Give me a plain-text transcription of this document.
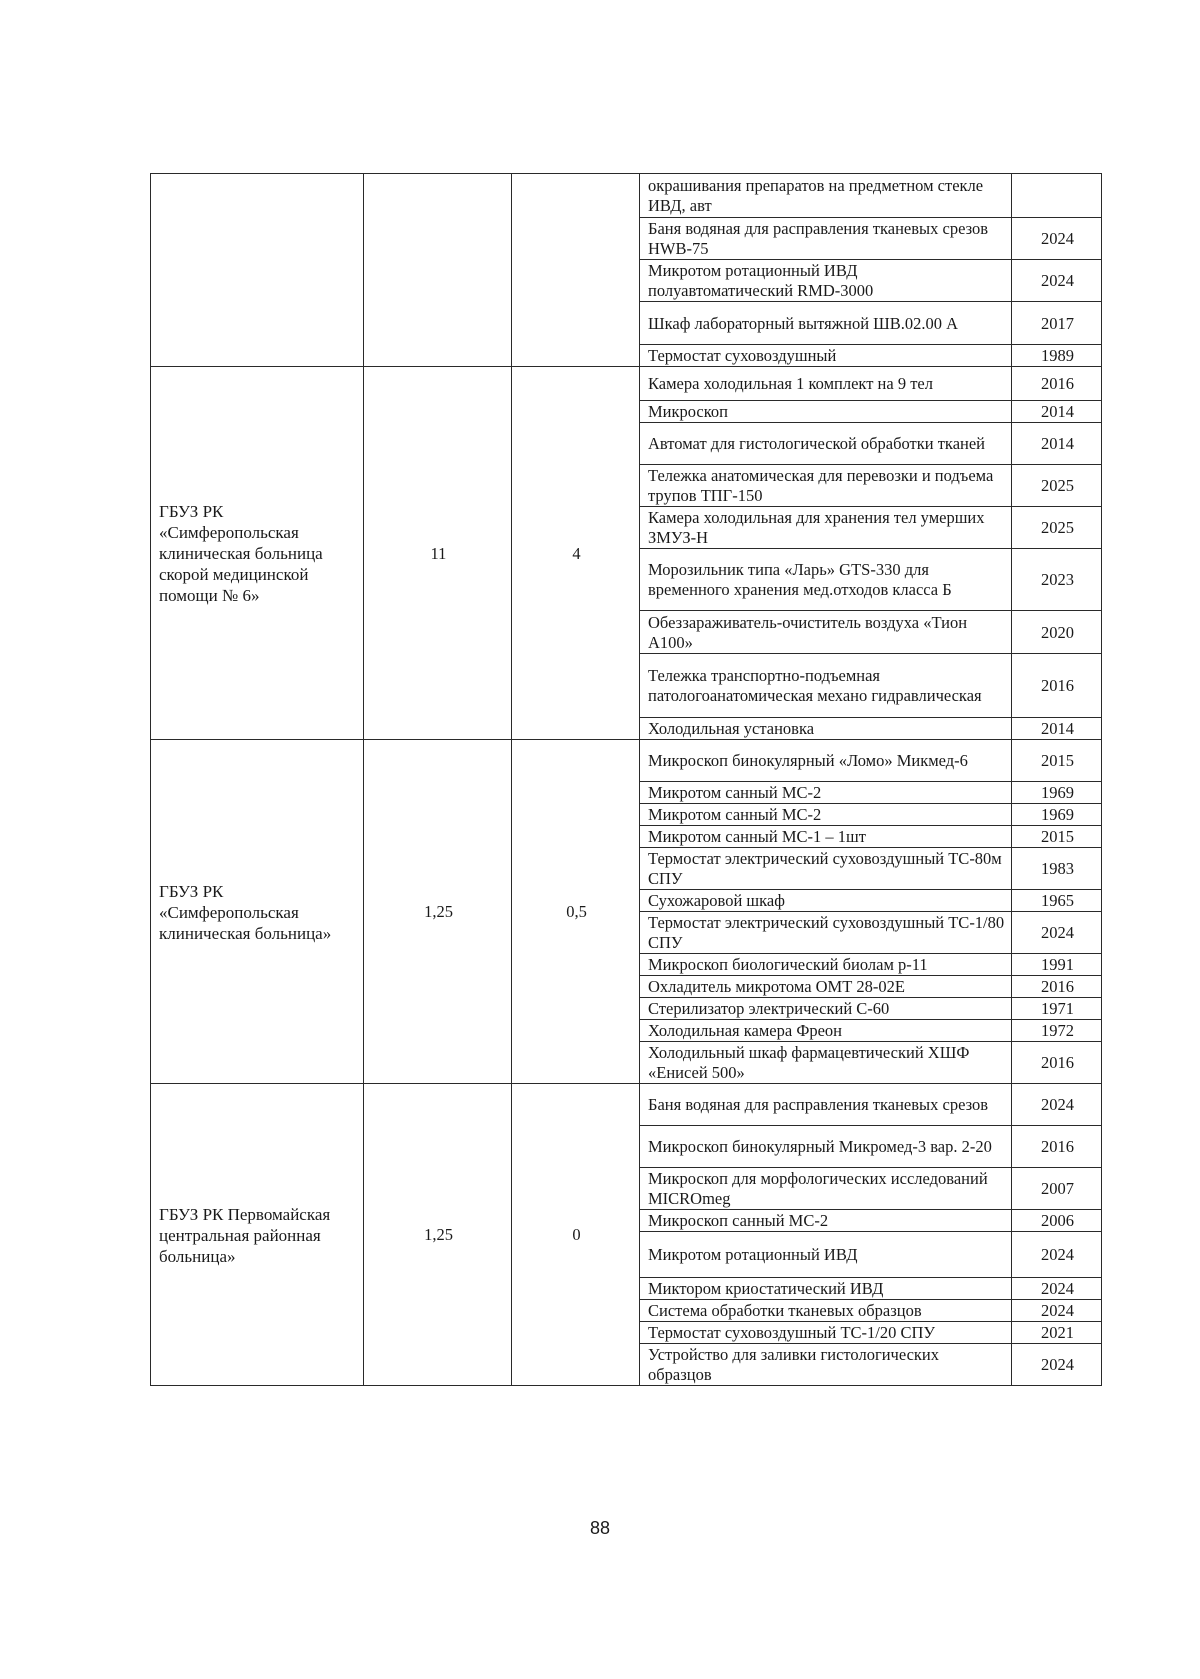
			окрашивания препаратов на предметном стекле ИВД, авт	
			Баня водяная для расправления тканевых срезов HWB-75	2024
			Микротом ротационный ИВД полуавтоматический RMD-3000	2024
			Шкаф лабораторный вытяжной ШВ.02.00 А	2017
			Термостат суховоздушный	1989
ГБУЗ РК «Симферопольская клиническая больница скорой медицинской помощи № 6»	11	4	Камера холодильная 1 комплект на 9 тел	2016
			Микроскоп	2014
			Автомат для гистологической обработки тканей	2014
			Тележка анатомическая для перевозки и подъема трупов ТПГ-150	2025
			Камера холодильная для хранения тел умерших ЗМУЗ-Н	2025
			Морозильник типа «Ларь» GTS-330 для временного хранения мед.отходов класса Б	2023
			Обеззараживатель-очиститель воздуха «Тион А100»	2020
			Тележка транспортно-подъемная патологоанатомическая механо гидравлическая	2016
			Холодильная установка	2014
ГБУЗ РК «Симферопольская клиническая больница»	1,25	0,5	Микроскоп бинокулярный «Ломо» Микмед-6	2015
			Микротом санный МС-2	1969
			Микротом санный МС-2	1969
			Микротом санный МС-1 – 1шт	2015
			Термостат электрический суховоздушный ТС-80м СПУ	1983
			Сухожаровой шкаф	1965
			Термостат электрический суховоздушный ТС-1/80 СПУ	2024
			Микроскоп биологический биолам р-11	1991
			Охладитель микротома ОМТ 28-02Е	2016
			Стерилизатор электрический С-60	1971
			Холодильная камера Фреон	1972
			Холодильный шкаф фармацевтический ХШФ «Енисей 500»	2016
ГБУЗ РК Первомайская центральная районная больница»	1,25	0	Баня водяная для расправления тканевых срезов	2024
			Микроскоп бинокулярный Микромед-3 вар. 2-20	2016
			Микроскоп для морфологических исследований MICROmeg	2007
			Микроскоп санный МС-2	2006
			Микротом ротационный ИВД	2024
			Миктором криостатический ИВД	2024
			Система обработки тканевых образцов	2024
			Термостат суховоздушный ТС-1/20 СПУ	2021
			Устройство для заливки гистологических образцов	2024
88
